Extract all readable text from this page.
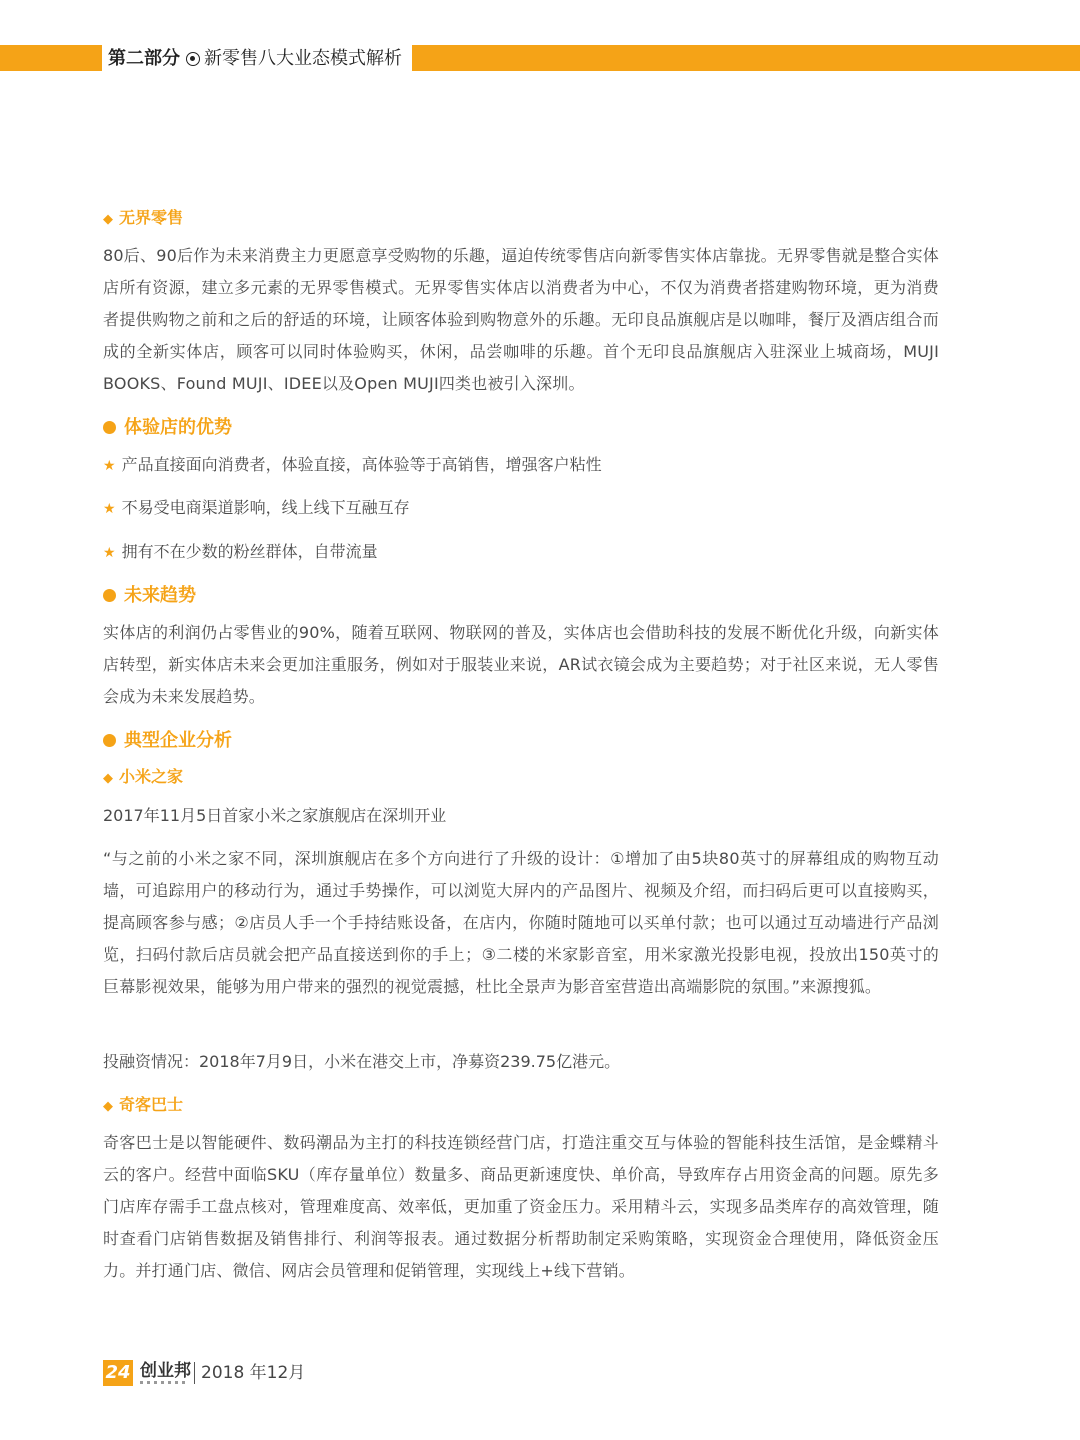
第二部分 新零售八大业态模式解析
◆ 无界零售
80后、90后作为未来消费主力更愿意享受购物的乐趣，逼迫传统零售店向新零售实体店靠拢。无界零售就是整合实体店所有资源，建立多元素的无界零售模式。无界零售实体店以消费者为中心，不仅为消费者搭建购物环境，更为消费者提供购物之前和之后的舒适的环境，让顾客体验到购物意外的乐趣。无印良品旗舰店是以咖啡，餐厅及酒店组合而成的全新实体店，顾客可以同时体验购买，休闲，品尝咖啡的乐趣。首个无印良品旗舰店入驻深业上城商场，MUJI BOOKS、Found MUJI、IDEE以及Open MUJI四类也被引入深圳。
体验店的优势
★ 产品直接面向消费者，体验直接，高体验等于高销售，增强客户粘性
★ 不易受电商渠道影响，线上线下互融互存
★ 拥有不在少数的粉丝群体，自带流量
未来趋势
实体店的利润仍占零售业的90%，随着互联网、物联网的普及，实体店也会借助科技的发展不断优化升级，向新实体店转型，新实体店未来会更加注重服务，例如对于服装业来说，AR试衣镜会成为主要趋势；对于社区来说，无人零售会成为未来发展趋势。
典型企业分析
◆ 小米之家
2017年11月5日首家小米之家旗舰店在深圳开业
“与之前的小米之家不同，深圳旗舰店在多个方向进行了升级的设计：①增加了由5块80英寸的屏幕组成的购物互动墙，可追踪用户的移动行为，通过手势操作，可以浏览大屏内的产品图片、视频及介绍，而扫码后更可以直接购买，提高顾客参与感；②店员人手一个手持结账设备，在店内，你随时随地可以买单付款；也可以通过互动墙进行产品浏览，扫码付款后店员就会把产品直接送到你的手上；③二楼的米家影音室，用米家激光投影电视，投放出150英寸的巨幕影视效果，能够为用户带来的强烈的视觉震撼，杜比全景声为影音室营造出高端影院的氛围。”来源搜狐。
投融资情况：2018年7月9日，小米在港交上市，净募资239.75亿港元。
◆ 奇客巴士
奇客巴士是以智能硬件、数码潮品为主打的科技连锁经营门店，打造注重交互与体验的智能科技生活馆，是金蝶精斗云的客户。经营中面临SKU（库存量单位）数量多、商品更新速度快、单价高，导致库存占用资金高的问题。原先多门店库存需手工盘点核对，管理难度高、效率低，更加重了资金压力。采用精斗云，实现多品类库存的高效管理，随时查看门店销售数据及销售排行、利润等报表。通过数据分析帮助制定采购策略，实现资金合理使用，降低资金压力。并打通门店、微信、网店会员管理和促销管理，实现线上+线下营销。
24 创业邦 2018 年12月
